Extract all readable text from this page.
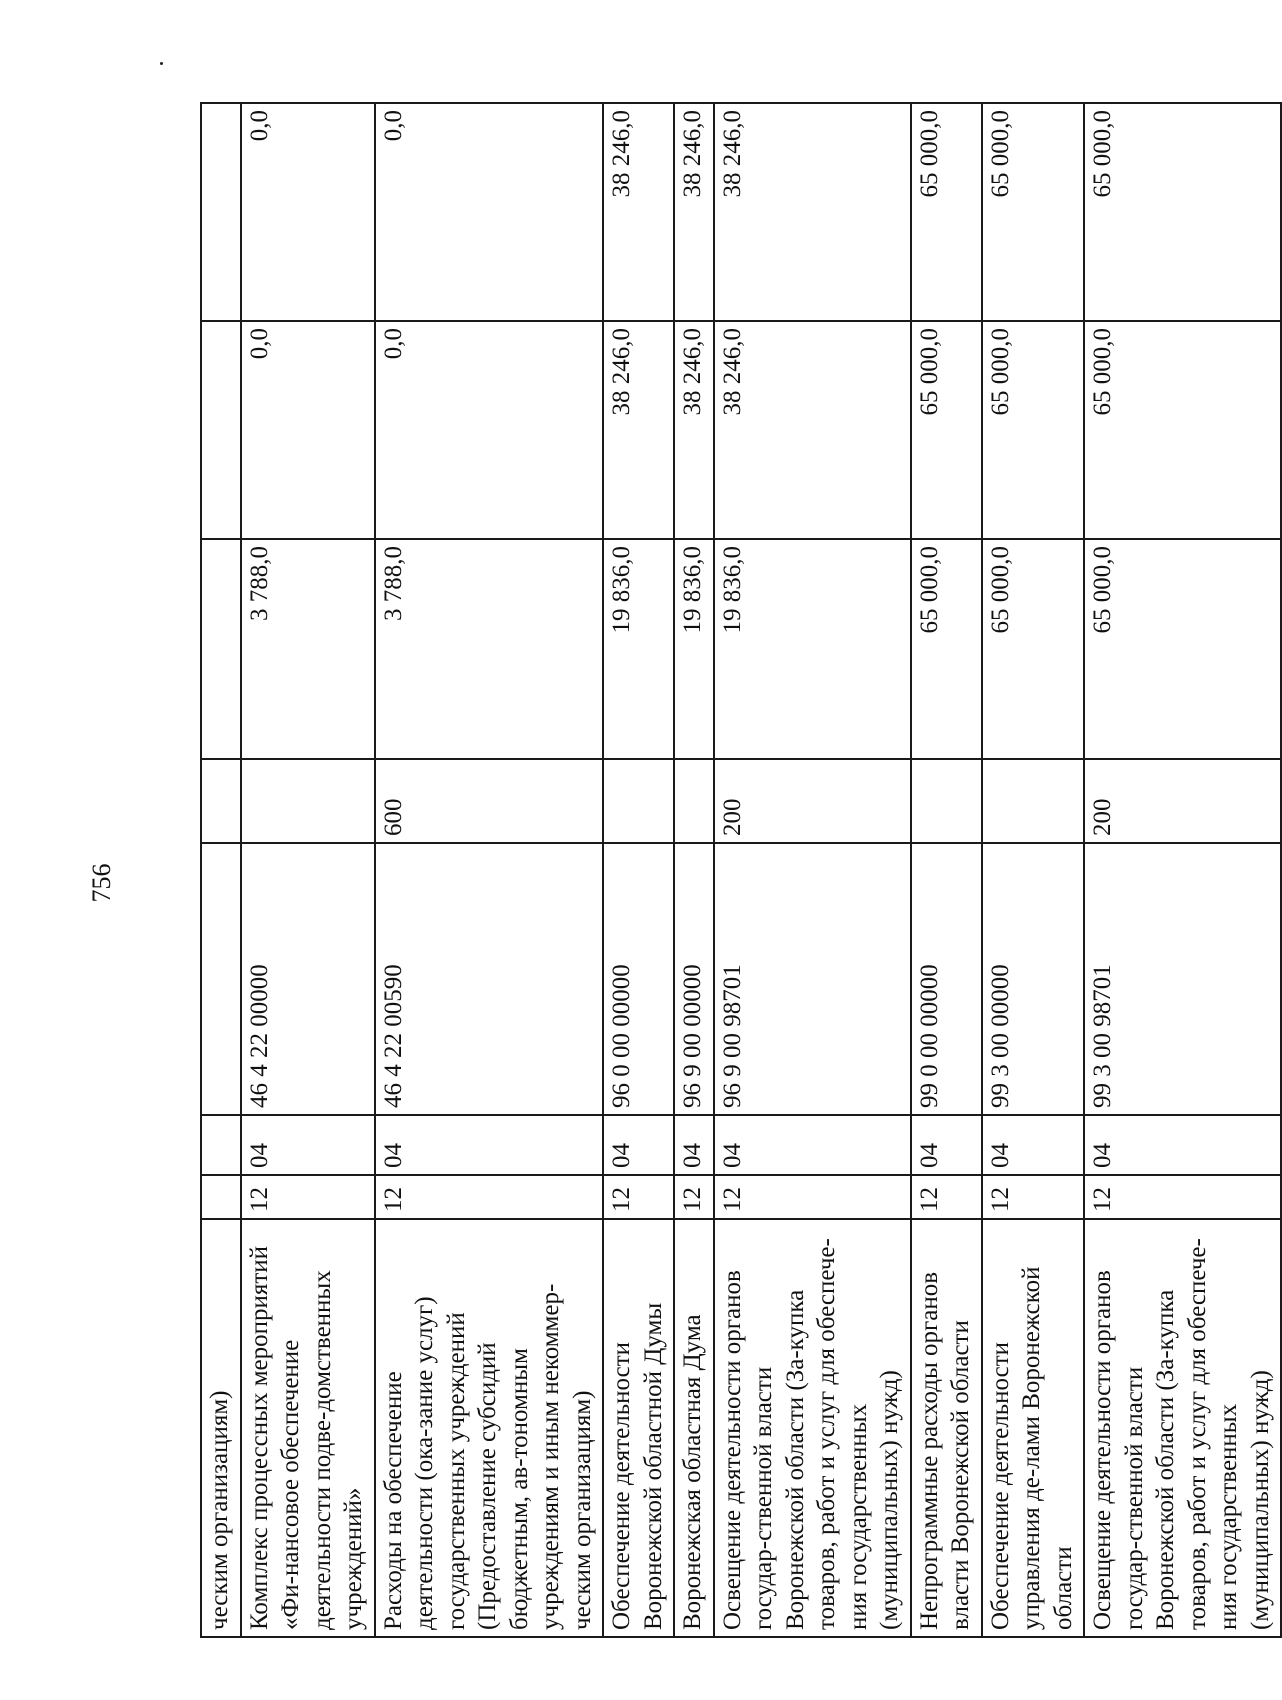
756
ческим организациям)							
Комплекс процессных мероприятий «Фи-нансовое обеспечение деятельности подве-домственных учреждений»	12	04	46 4 22 00000		3 788,0	0,0	0,0
Расходы на обеспечение деятельности (ока-зание услуг) государственных учреждений (Предоставление субсидий бюджетным, ав-тономным учреждениям и иным некоммер-ческим организациям)	12	04	46 4 22 00590	600	3 788,0	0,0	0,0
Обеспечение деятельности Воронежской областной Думы	12	04	96 0 00 00000		19 836,0	38 246,0	38 246,0
Воронежская областная Дума	12	04	96 9 00 00000		19 836,0	38 246,0	38 246,0
Освещение деятельности органов государ-ственной власти Воронежской области (За-купка товаров, работ и услуг для обеспече-ния государственных (муниципальных) нужд)	12	04	96 9 00 98701	200	19 836,0	38 246,0	38 246,0
Непрограммные расходы органов власти Воронежской области	12	04	99 0 00 00000		65 000,0	65 000,0	65 000,0
Обеспечение деятельности управления де-лами Воронежской области	12	04	99 3 00 00000		65 000,0	65 000,0	65 000,0
Освещение деятельности органов государ-ственной власти Воронежской области (За-купка товаров, работ и услуг для обеспече-ния государственных (муниципальных) нужд)	12	04	99 3 00 98701	200	65 000,0	65 000,0	65 000,0
